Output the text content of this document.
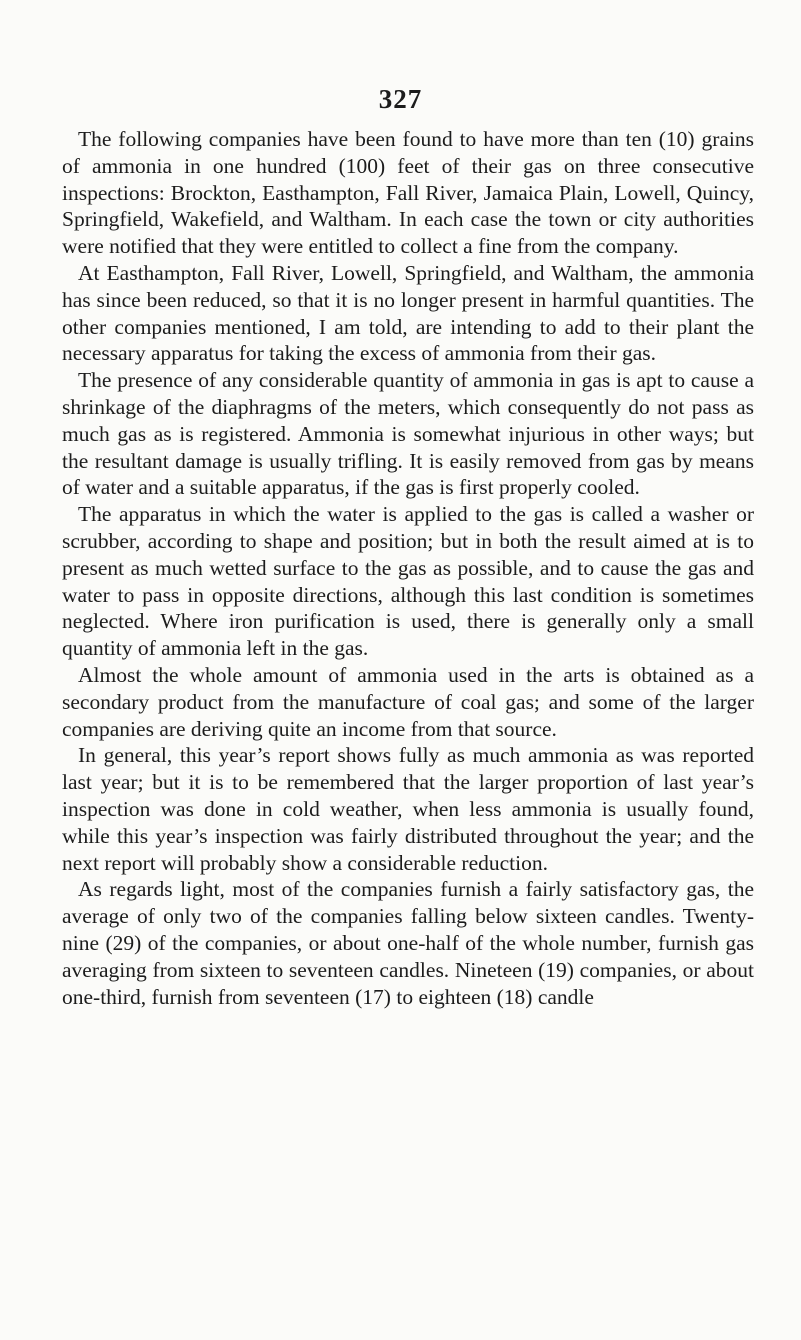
327

The following companies have been found to have more than ten (10) grains of ammonia in one hundred (100) feet of their gas on three consecutive inspections: Brockton, Easthampton, Fall River, Jamaica Plain, Lowell, Quincy, Springfield, Wakefield, and Waltham. In each case the town or city authorities were notified that they were entitled to collect a fine from the company.

At Easthampton, Fall River, Lowell, Springfield, and Waltham, the ammonia has since been reduced, so that it is no longer present in harmful quantities. The other companies mentioned, I am told, are intending to add to their plant the necessary apparatus for taking the excess of ammonia from their gas.

The presence of any considerable quantity of ammonia in gas is apt to cause a shrinkage of the diaphragms of the meters, which consequently do not pass as much gas as is registered. Ammonia is somewhat injurious in other ways; but the resultant damage is usually trifling. It is easily removed from gas by means of water and a suitable apparatus, if the gas is first properly cooled.

The apparatus in which the water is applied to the gas is called a washer or scrubber, according to shape and position; but in both the result aimed at is to present as much wetted surface to the gas as possible, and to cause the gas and water to pass in opposite directions, although this last condition is sometimes neglected. Where iron purification is used, there is generally only a small quantity of ammonia left in the gas.

Almost the whole amount of ammonia used in the arts is obtained as a secondary product from the manufacture of coal gas; and some of the larger companies are deriving quite an income from that source.

In general, this year’s report shows fully as much ammonia as was reported last year; but it is to be remembered that the larger proportion of last year’s inspection was done in cold weather, when less ammonia is usually found, while this year’s inspection was fairly distributed throughout the year; and the next report will probably show a considerable reduction.

As regards light, most of the companies furnish a fairly satisfactory gas, the average of only two of the companies falling below sixteen candles. Twenty-nine (29) of the companies, or about one-half of the whole number, furnish gas averaging from sixteen to seventeen candles. Nineteen (19) companies, or about one-third, furnish from seventeen (17) to eighteen (18) candle
